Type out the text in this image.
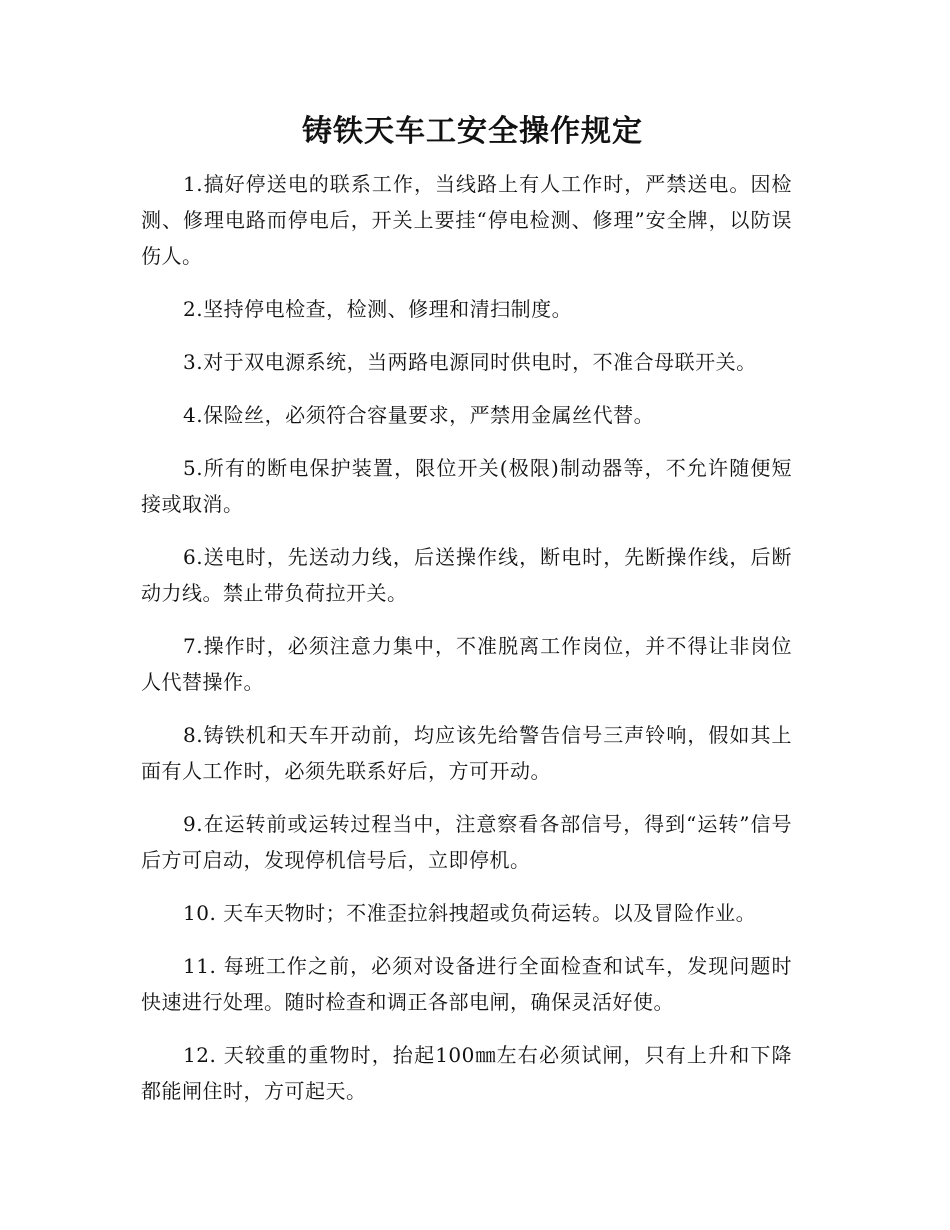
铸铁天车工安全操作规定

1.搞好停送电的联系工作，当线路上有人工作时，严禁送电。因检测、修理电路而停电后，开关上要挂“停电检测、修理”安全牌，以防误伤人。

2.坚持停电检查，检测、修理和清扫制度。

3.对于双电源系统，当两路电源同时供电时，不准合母联开关。

4.保险丝，必须符合容量要求，严禁用金属丝代替。

5.所有的断电保护装置，限位开关(极限)制动器等，不允许随便短接或取消。

6.送电时，先送动力线，后送操作线，断电时，先断操作线，后断动力线。禁止带负荷拉开关。

7.操作时，必须注意力集中，不准脱离工作岗位，并不得让非岗位人代替操作。

8.铸铁机和天车开动前，均应该先给警告信号三声铃响，假如其上面有人工作时，必须先联系好后，方可开动。

9.在运转前或运转过程当中，注意察看各部信号，得到“运转”信号后方可启动，发现停机信号后，立即停机。

10. 天车天物时；不准歪拉斜拽超或负荷运转。以及冒险作业。

11. 每班工作之前，必须对设备进行全面检查和试车，发现问题时快速进行处理。随时检查和调正各部电闸，确保灵活好使。

12. 天较重的重物时，抬起100㎜左右必须试闸，只有上升和下降都能闸住时，方可起天。
